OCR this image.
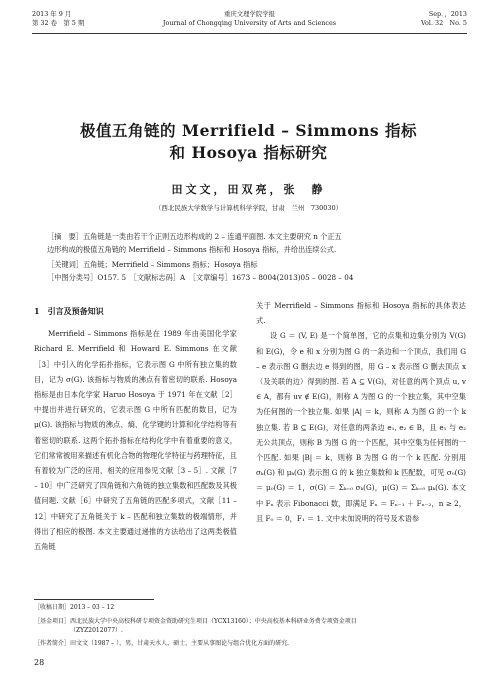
2013 年 9 月
第 32 卷　第 5 期
重庆文理学院学报
Journal of Chongqing University of Arts and Sciences
Sep．，2013
Vol. 32　No. 5
极值五角链的 Merrifield – Simmons 指标
和 Hosoya 指标研究
田文文，田双亮，张　静
（西北民族大学数学与计算机科学学院，甘肃　兰州　730030）
［摘　要］五角链是一类由若干个正则五边形构成的 2 – 连通平面图. 本文主要研究 n 个正五
边形构成的极值五角链的 Merrifield – Simmons 指标和 Hosoya 指标，并给出连续公式.
［关键词］五角链；Merrifield – Simmons 指标；Hosoya 指标
［中图分类号］O157. 5　［文献标志码］A　［文章编号］1673 – 8004(2013)05 – 0028 – 04
1　引言及预备知识

Merrifield – Simmons 指标是在 1989 年由美国化学家 Richard E. Merrifield 和 Howard E. Simmons 在文献［3］中引入的化学拓扑指标，它表示图 G 中所有独立集的数目，记为 σ(G). 该指标与物质的沸点有着密切的联系. Hosoya 指标是由日本化学家 Haruo Hosoya 于 1971 年在文献［2］中提出并进行研究的，它表示图 G 中所有匹配的数目，记为 μ(G). 该指标与物质的沸点、熵、化学键的计算和化学结构等有着密切的联系. 这两个拓扑指标在结构化学中有着重要的意义，它们常常被用来描述有机化合物的物理化学特征与药理特征，且有着较为广泛的应用，相关的应用参见文献［3 – 5］. 文献［7 – 10］中广泛研究了四角链和六角链的独立集数和匹配数及其极值问题. 文献［6］中研究了五角链的匹配多项式，文献［11 – 12］中研究了五角链关于 k – 匹配和独立集数的极端情形，并得出了相应的极图. 本文主要通过递推的方法给出了这两类极值五角链

关于 Merrifield – Simmons 指标和 Hosoya 指标的具体表达式.

设 G ＝ (V, E) 是一个简单图，它的点集和边集分别为 V(G) 和 E(G)，令 e 和 x 分别为图 G 的一条边和一个顶点，我们用 G – e 表示图 G 删去边 e 得到的图，用 G – x 表示图 G 删去顶点 x（及关联的边）得到的图. 若 A ⊆ V(G)，对任意的两个顶点 u, v ∈ A，都有 uv ∉ E(G)，则称 A 为图 G 的一个独立集，其中空集为任何图的一个独立集. 如果 |A| ＝ k，则称 A 为图 G 的一个 k 独立集. 若 B ⊆ E(G)，对任意的两条边 e₁, e₂ ∈ B，且 e₁ 与 e₂ 无公共顶点，则称 B 为图 G 的一个匹配，其中空集为任何图的一个匹配. 如果 |B| ＝ k，则称 B 为图 G 的一个 k 匹配. 分别用 σₖ(G) 和 μₖ(G) 表示图 G 的 k 独立集数和 k 匹配数，可见 σ₀(G) ＝ μ₀(G) ＝ 1，σ(G) ＝ Σₖ₌₀ σₖ(G)，μ(G) ＝ Σₖ₌₀ μₖ(G). 本文中 Fₙ 表示 Fibonacci 数，即满足 Fₙ ＝ Fₙ₋₁ ＋ Fₙ₋₂，n ≥ 2，且 F₀ ＝ 0，F₁ ＝ 1. 文中未加说明的符号及术语参

［收稿日期］2013 – 03 – 12
［基金项目］西北民族大学中央高校科研专项资金资助研究生项目（YCX13160）；中央高校基本科研业务费专项资金项目
（ZYZ2012077）.
［作者简介］田文文（1987 – ），男，甘肃天水人，硕士，主要从事图论与组合优化方面的研究.
28
